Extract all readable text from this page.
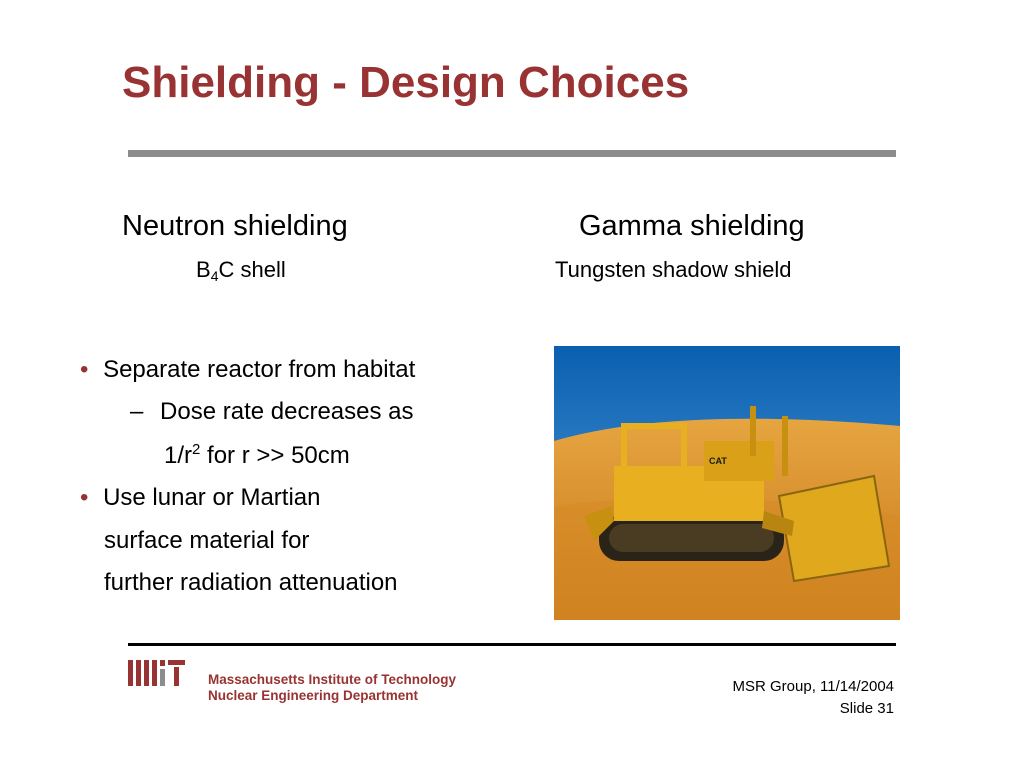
Shielding - Design Choices
Neutron shielding
$B_4C$ shell
Gamma shielding
Tungsten shadow shield
• Separate reactor from habitat
– Dose rate decreases as
$1/r^2$ for r >> 50cm
• Use lunar or Martian
surface material for
further radiation attenuation
CAT
Massachusetts Institute of Technology
Nuclear Engineering Department
MSR Group, 11/14/2004
Slide 31
